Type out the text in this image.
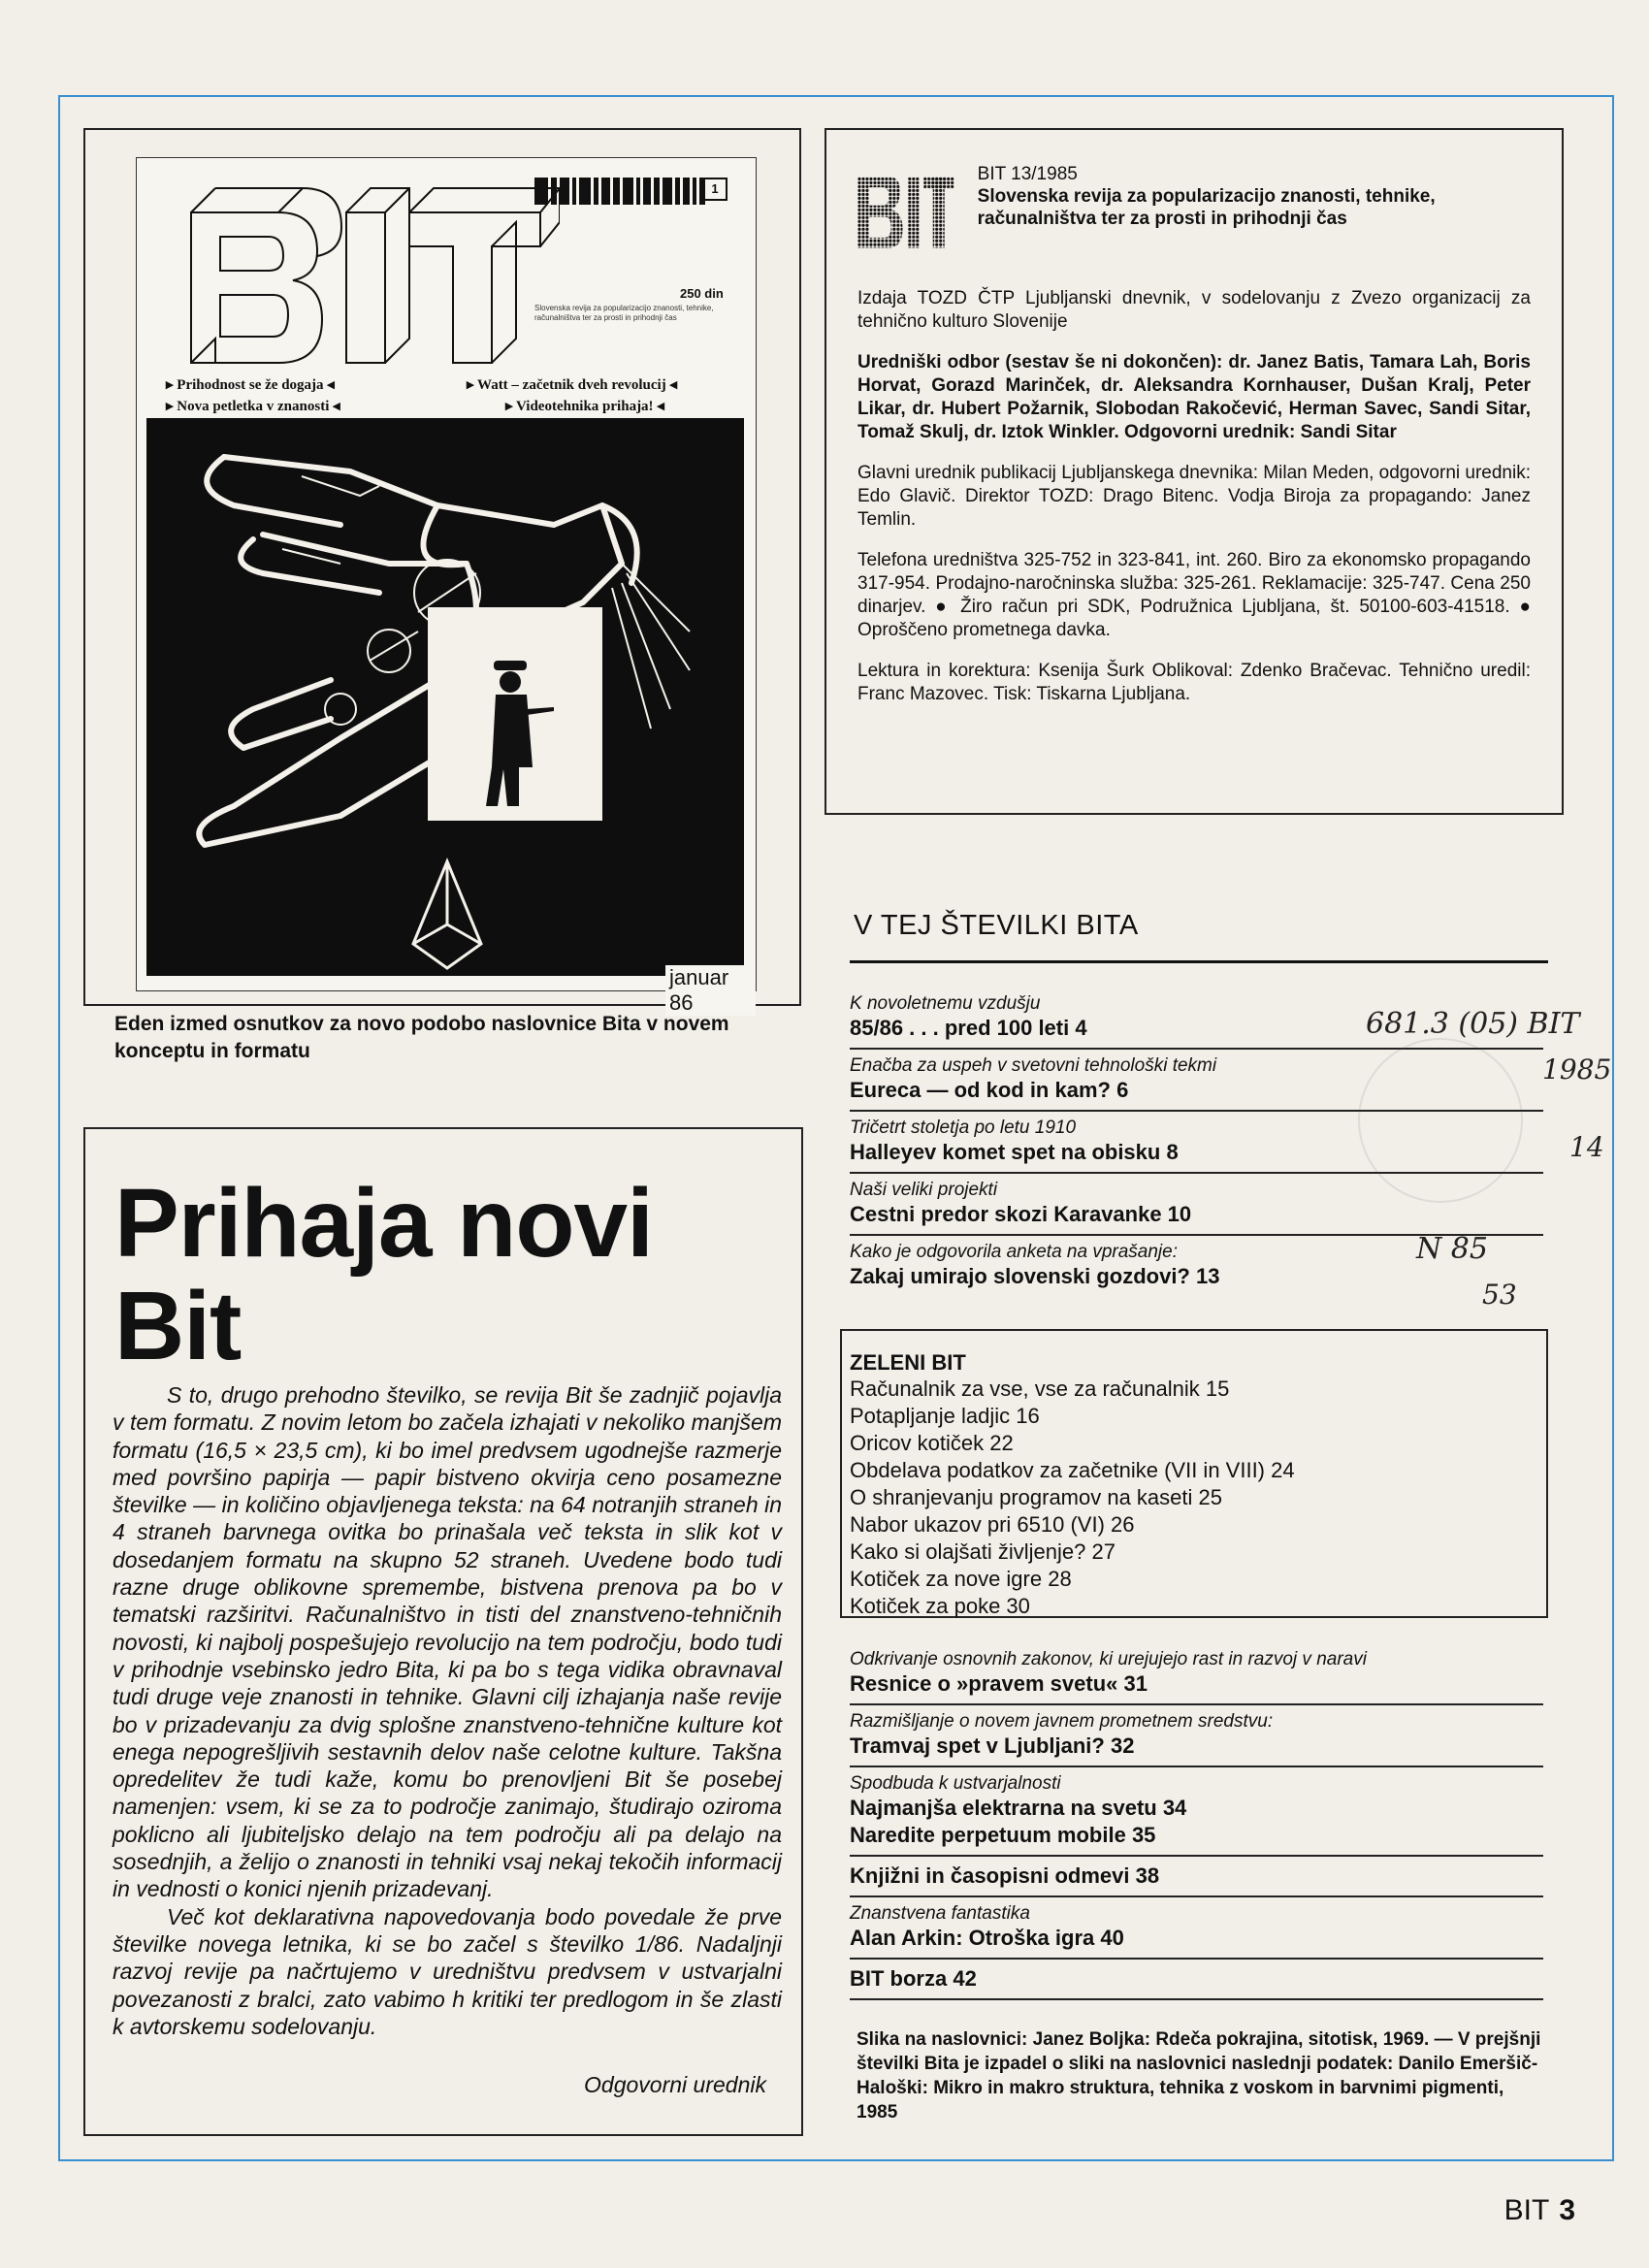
1
250 din
Slovenska revija za popularizacijo znanosti, tehnike, računalništva ter za prosti in prihodnji čas
▸ Prihodnost se že dogaja ◂	▸ Watt – začetnik dveh revolucij ◂
▸ Nova petletka v znanosti ◂	▸ Videotehnika prihaja! ◂
januar 86
Eden izmed osnutkov za novo podobo naslovnice Bita v novem konceptu in formatu
BIT 13/1985
Slovenska revija za popularizacijo znanosti, tehnike, računalništva ter za prosti in prihodnji čas

Izdaja TOZD ČTP Ljubljanski dnevnik, v sodelovanju z Zvezo organizacij za tehnično kulturo Slovenije

Uredniški odbor (sestav še ni dokončen): dr. Janez Batis, Tamara Lah, Boris Horvat, Gorazd Marinček, dr. Aleksandra Kornhauser, Dušan Kralj, Peter Likar, dr. Hubert Požarnik, Slobodan Rakočević, Herman Savec, Sandi Sitar, Tomaž Skulj, dr. Iztok Winkler. Odgovorni urednik: Sandi Sitar

Glavni urednik publikacij Ljubljanskega dnevnika: Milan Meden, odgovorni urednik: Edo Glavič. Direktor TOZD: Drago Bitenc. Vodja Biroja za propagando: Janez Temlin.

Telefona uredništva 325-752 in 323-841, int. 260. Biro za ekonomsko propagando 317-954. Prodajno-naročninska služba: 325-261. Reklamacije: 325-747. Cena 250 dinarjev. ● Žiro račun pri SDK, Podružnica Ljubljana, št. 50100-603-41518. ● Oproščeno prometnega davka.

Lektura in korektura: Ksenija Šurk Oblikoval: Zdenko Bračevac. Tehnično uredil: Franc Mazovec. Tisk: Tiskarna Ljubljana.

V TEJ ŠTEVILKI BITA
K novoletnemu vzdušju
85/86 . . . pred 100 leti 4
Enačba za uspeh v svetovni tehnološki tekmi
Eureca — od kod in kam? 6
Tričetrt stoletja po letu 1910
Halleyev komet spet na obisku 8
Naši veliki projekti
Cestni predor skozi Karavanke 10
Kako je odgovorila anketa na vprašanje:
Zakaj umirajo slovenski gozdovi? 13
ZELENI BIT
Računalnik za vse, vse za računalnik 15
Potapljanje ladjic 16
Oricov kotiček 22
Obdelava podatkov za začetnike (VII in VIII) 24
O shranjevanju programov na kaseti 25
Nabor ukazov pri 6510 (VI) 26
Kako si olajšati življenje? 27
Kotiček za nove igre 28
Kotiček za poke 30
Odkrivanje osnovnih zakonov, ki urejujejo rast in razvoj v naravi
Resnice o »pravem svetu« 31
Razmišljanje o novem javnem prometnem sredstvu:
Tramvaj spet v Ljubljani? 32
Spodbuda k ustvarjalnosti
Najmanjša elektrarna na svetu 34
Naredite perpetuum mobile 35
Knjižni in časopisni odmevi 38
Znanstvena fantastika
Alan Arkin: Otroška igra 40
BIT borza 42
Slika na naslovnici: Janez Boljka: Rdeča pokrajina, sitotisk, 1969. — V prejšnji številki Bita je izpadel o sliki na naslovnici naslednji podatek: Danilo Emeršič-Haloški: Mikro in makro struktura, tehnika z voskom in barvnimi pigmenti, 1985
Prihaja novi
Bit

S to, drugo prehodno številko, se revija Bit še zadnjič pojavlja v tem formatu. Z novim letom bo začela izhajati v nekoliko manjšem formatu (16,5 × 23,5 cm), ki bo imel predvsem ugodnejše razmerje med površino papirja — papir bistveno okvirja ceno posamezne številke — in količino objavljenega teksta: na 64 notranjih straneh in 4 straneh barvnega ovitka bo prinašala več teksta in slik kot v dosedanjem formatu na skupno 52 straneh. Uvedene bodo tudi razne druge oblikovne spremembe, bistvena prenova pa bo v tematski razširitvi. Računalništvo in tisti del znanstveno-tehničnih novosti, ki najbolj pospešujejo revolucijo na tem področju, bodo tudi v prihodnje vsebinsko jedro Bita, ki pa bo s tega vidika obravnaval tudi druge veje znanosti in tehnike. Glavni cilj izhajanja naše revije bo v prizadevanju za dvig splošne znanstveno-tehnične kulture kot enega nepogrešljivih sestavnih delov naše celotne kulture. Takšna opredelitev že tudi kaže, komu bo prenovljeni Bit še posebej namenjen: vsem, ki se za to področje zanimajo, študirajo oziroma poklicno ali ljubiteljsko delajo na tem področju ali pa delajo na sosednjih, a želijo o znanosti in tehniki vsaj nekaj tekočih informacij in vednosti o konici njenih prizadevanj.

Več kot deklarativna napovedovanja bodo povedale že prve številke novega letnika, ki se bo začel s številko 1/86. Nadaljnji razvoj revije pa načrtujemo v uredništvu predvsem v ustvarjalni povezanosti z bralci, zato vabimo h kritiki ter predlogom in še zlasti k avtorskemu sodelovanju.

Odgovorni urednik
681.3 (05) BIT
1985
14
N 85
53
BIT 3
